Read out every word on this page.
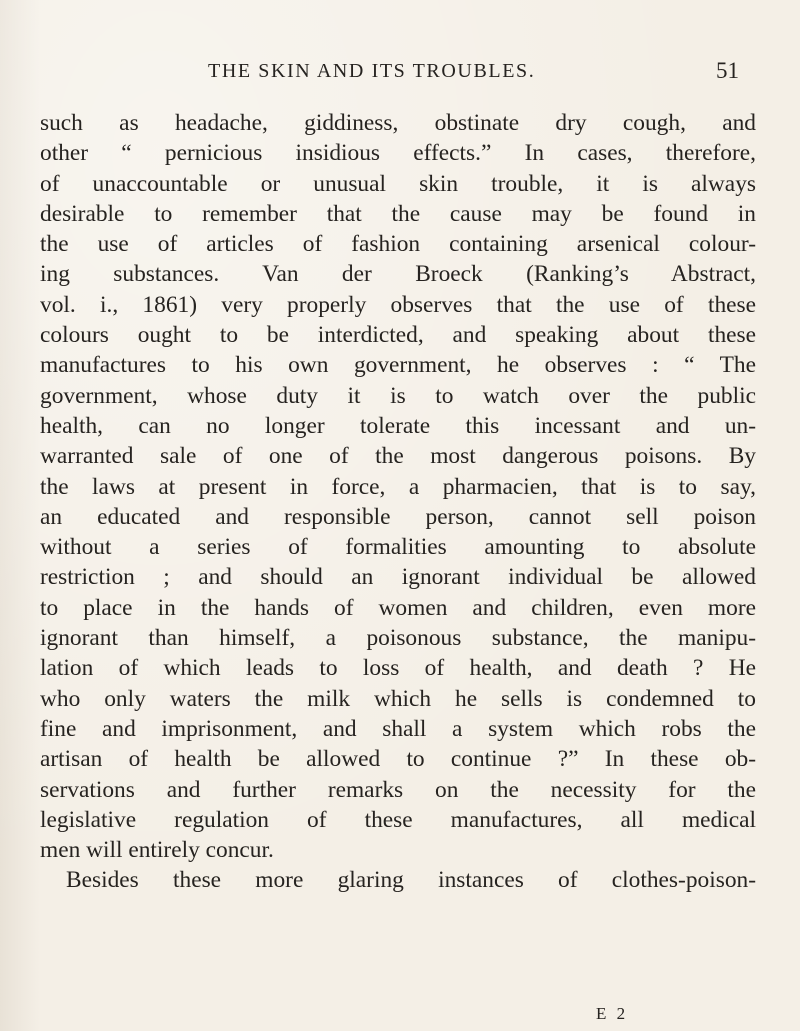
THE SKIN AND ITS TROUBLES.	51
such as headache, giddiness, obstinate dry cough, and
other “ pernicious insidious effects.” In cases, therefore,
of unaccountable or unusual skin trouble, it is always
desirable to remember that the cause may be found in
the use of articles of fashion containing arsenical colour-
ing substances. Van der Broeck (Ranking’s Abstract,
vol. i., 1861) very properly observes that the use of these
colours ought to be interdicted, and speaking about these
manufactures to his own government, he observes : “ The
government, whose duty it is to watch over the public
health, can no longer tolerate this incessant and un-
warranted sale of one of the most dangerous poisons. By
the laws at present in force, a pharmacien, that is to say,
an educated and responsible person, cannot sell poison
without a series of formalities amounting to absolute
restriction ; and should an ignorant individual be allowed
to place in the hands of women and children, even more
ignorant than himself, a poisonous substance, the manipu-
lation of which leads to loss of health, and death ? He
who only waters the milk which he sells is condemned to
fine and imprisonment, and shall a system which robs the
artisan of health be allowed to continue ?” In these ob-
servations and further remarks on the necessity for the
legislative regulation of these manufactures, all medical
men will entirely concur.
Besides these more glaring instances of clothes-poison-
E 2
